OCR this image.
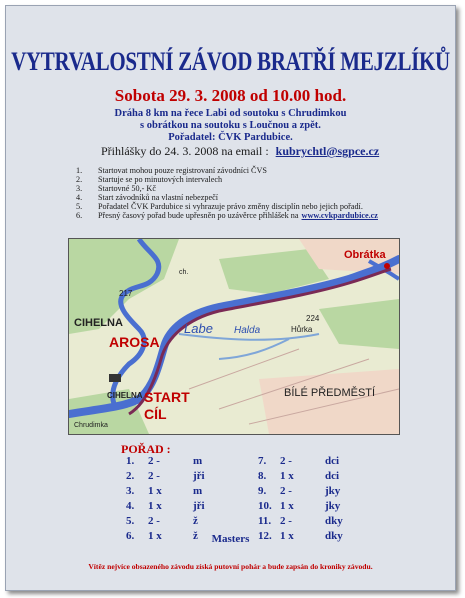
VYTRVALOSTNÍ ZÁVOD BRATŘÍ MEJZLÍKŮ
Sobota 29. 3. 2008 od 10.00 hod.
Dráha 8 km na řece Labi od soutoku s Chrudimkou
s obrátkou na soutoku s Loučnou a zpět.
Pořadatel: ČVK Pardubice.
Přihlášky do 24. 3. 2008 na email : kubrychtl@sgpce.cz
1.	Startovat mohou pouze registrovaní závodníci ČVS
2.	Startuje se po minutových intervalech
3.	Startovné 50,- Kč
4.	Start závodníků na vlastní nebezpečí
5.	Pořadatel ČVK Pardubice si vyhrazuje právo změny disciplín nebo jejich pořadí.
6.	Přesný časový pořad bude upřesněn po uzávěrce přihlášek na www.cvkpardubice.cz
Obrátka
AROSA
CIHELNA
CIHELNA START
CÍL
Labe Halda	Hůrka
BÍLÉ PŘEDMĚSTÍ
Chrudimka
217
224
ch.
POŘAD :
1.	2 -	m
2.	2 -	jři
3.	1 x	m
4.	1 x	jři
5.	2 -	ž
6.	1 x	ž
7.	2 -	dci
8.	1 x	dci
9.	2 -	jky
10. 1 x	jky
11. 2 -	dky
12. 1 x	dky
Masters
Vítěz nejvíce obsazeného závodu získá putovní pohár a bude zapsán do kroniky závodu.
